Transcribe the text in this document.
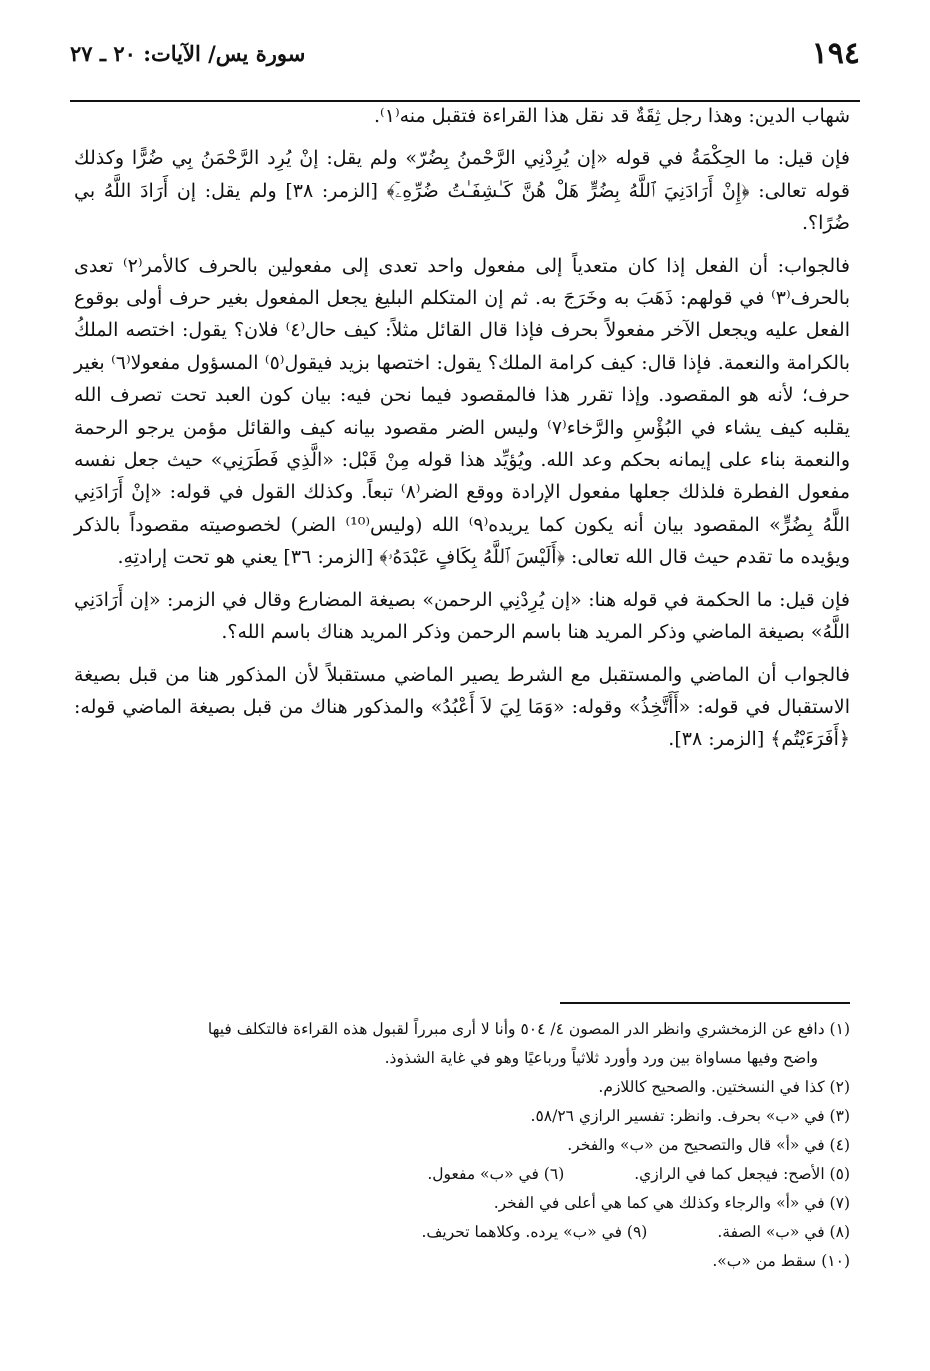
١٩٤
سورة يس/ الآيات: ٢٠ ـ ٢٧

شهاب الدين: وهذا رجل ثِقَةٌ قد نقل هذا القراءة فتقبل منه⁽١⁾.

فإن قيل: ما الحِكْمَةُ في قوله «إن يُرِدْنِي الرَّحْمنُ بِضُرّ» ولم يقل: إنْ يُرِد الرَّحْمَنُ بِي ضُرًّا وكذلك قوله تعالى: ﴿إِنْ أَرَادَنِيَ ٱللَّهُ بِضُرٍّ هَلْ هُنَّ كَـٰشِفَـٰتُ ضُرِّهِۦٓ﴾ [الزمر: ٣٨] ولم يقل: إن أَرَادَ اللَّهُ بي ضُرًا؟.

فالجواب: أن الفعل إذا كان متعدياً إلى مفعول واحد تعدى إلى مفعولين بالحرف كالأمر⁽٢⁾ تعدى بالحرف⁽٣⁾ في قولهم: ذَهَبَ به وخَرَجَ به. ثم إن المتكلم البليغ يجعل المفعول بغير حرف أولى بوقوع الفعل عليه ويجعل الآخر مفعولاً بحرف فإذا قال القائل مثلاً: كيف حال⁽٤⁾ فلان؟ يقول: اختصه الملكُ بالكرامة والنعمة. فإذا قال: كيف كرامة الملك؟ يقول: اختصها بزيد فيقول⁽٥⁾ المسؤول مفعولا⁽٦⁾ بغير حرف؛ لأنه هو المقصود. وإذا تقرر هذا فالمقصود فيما نحن فيه: بيان كون العبد تحت تصرف الله يقلبه كيف يشاء في البُؤْسِ والرَّخاء⁽٧⁾ وليس الضر مقصود بيانه كيف والقائل مؤمن يرجو الرحمة والنعمة بناء على إيمانه بحكم وعد الله. ويُؤيِّد هذا قوله مِنْ قَبْل: «الَّذِي فَطَرَنِي» حيث جعل نفسه مفعول الفطرة فلذلك جعلها مفعول الإرادة ووقع الضر⁽٨⁾ تبعاً. وكذلك القول في قوله: «إنْ أَرَادَنِي اللَّهُ بِضُرٍّ» المقصود بيان أنه يكون كما يريده⁽٩⁾ الله (وليس⁽¹⁰⁾ الضر) لخصوصيته مقصوداً بالذكر ويؤيده ما تقدم حيث قال الله تعالى: ﴿أَلَيْسَ ٱللَّهُ بِكَافٍ عَبْدَهُۥ﴾ [الزمر: ٣٦] يعني هو تحت إرادتِهِ.

فإن قيل: ما الحكمة في قوله هنا: «إن يُرِدْنِي الرحمن» بصيغة المضارع وقال في الزمر: «إن أَرَادَنِي اللَّهُ» بصيغة الماضي وذكر المريد هنا باسم الرحمن وذكر المريد هناك باسم الله؟.

فالجواب أن الماضي والمستقبل مع الشرط يصير الماضي مستقبلاً لأن المذكور هنا من قبل بصيغة الاستقبال في قوله: «أَأَتَّخِذُ» وقوله: «وَمَا لِيَ لاَ أَعْبُدُ» والمذكور هناك من قبل بصيغة الماضي قوله: ﴿أَفَرَءَيْتُم﴾ [الزمر: ٣٨].

(١) دافع عن الزمخشري وانظر الدر المصون ٤/ ٥٠٤ وأنا لا أرى مبرراً لقبول هذه القراءة فالتكلف فيها

واضح وفيها مساواة بين ورد وأورد ثلاثياً ورباعيًا وهو في غاية الشذوذ.

(٢) كذا في النسختين. والصحيح كاللازم.

(٣) في «ب» بحرف. وانظر: تفسير الرازي ٥٨/٢٦.

(٤) في «أ» قال والتصحيح من «ب» والفخر.

(٥) الأصح: فيجعل كما في الرازي.
(٦) في «ب» مفعول.

(٧) في «أ» والرجاء وكذلك هي كما هي أعلى في الفخر.

(٨) في «ب» الصفة.
(٩) في «ب» يرده. وكلاهما تحريف.

(١٠) سقط من «ب».
